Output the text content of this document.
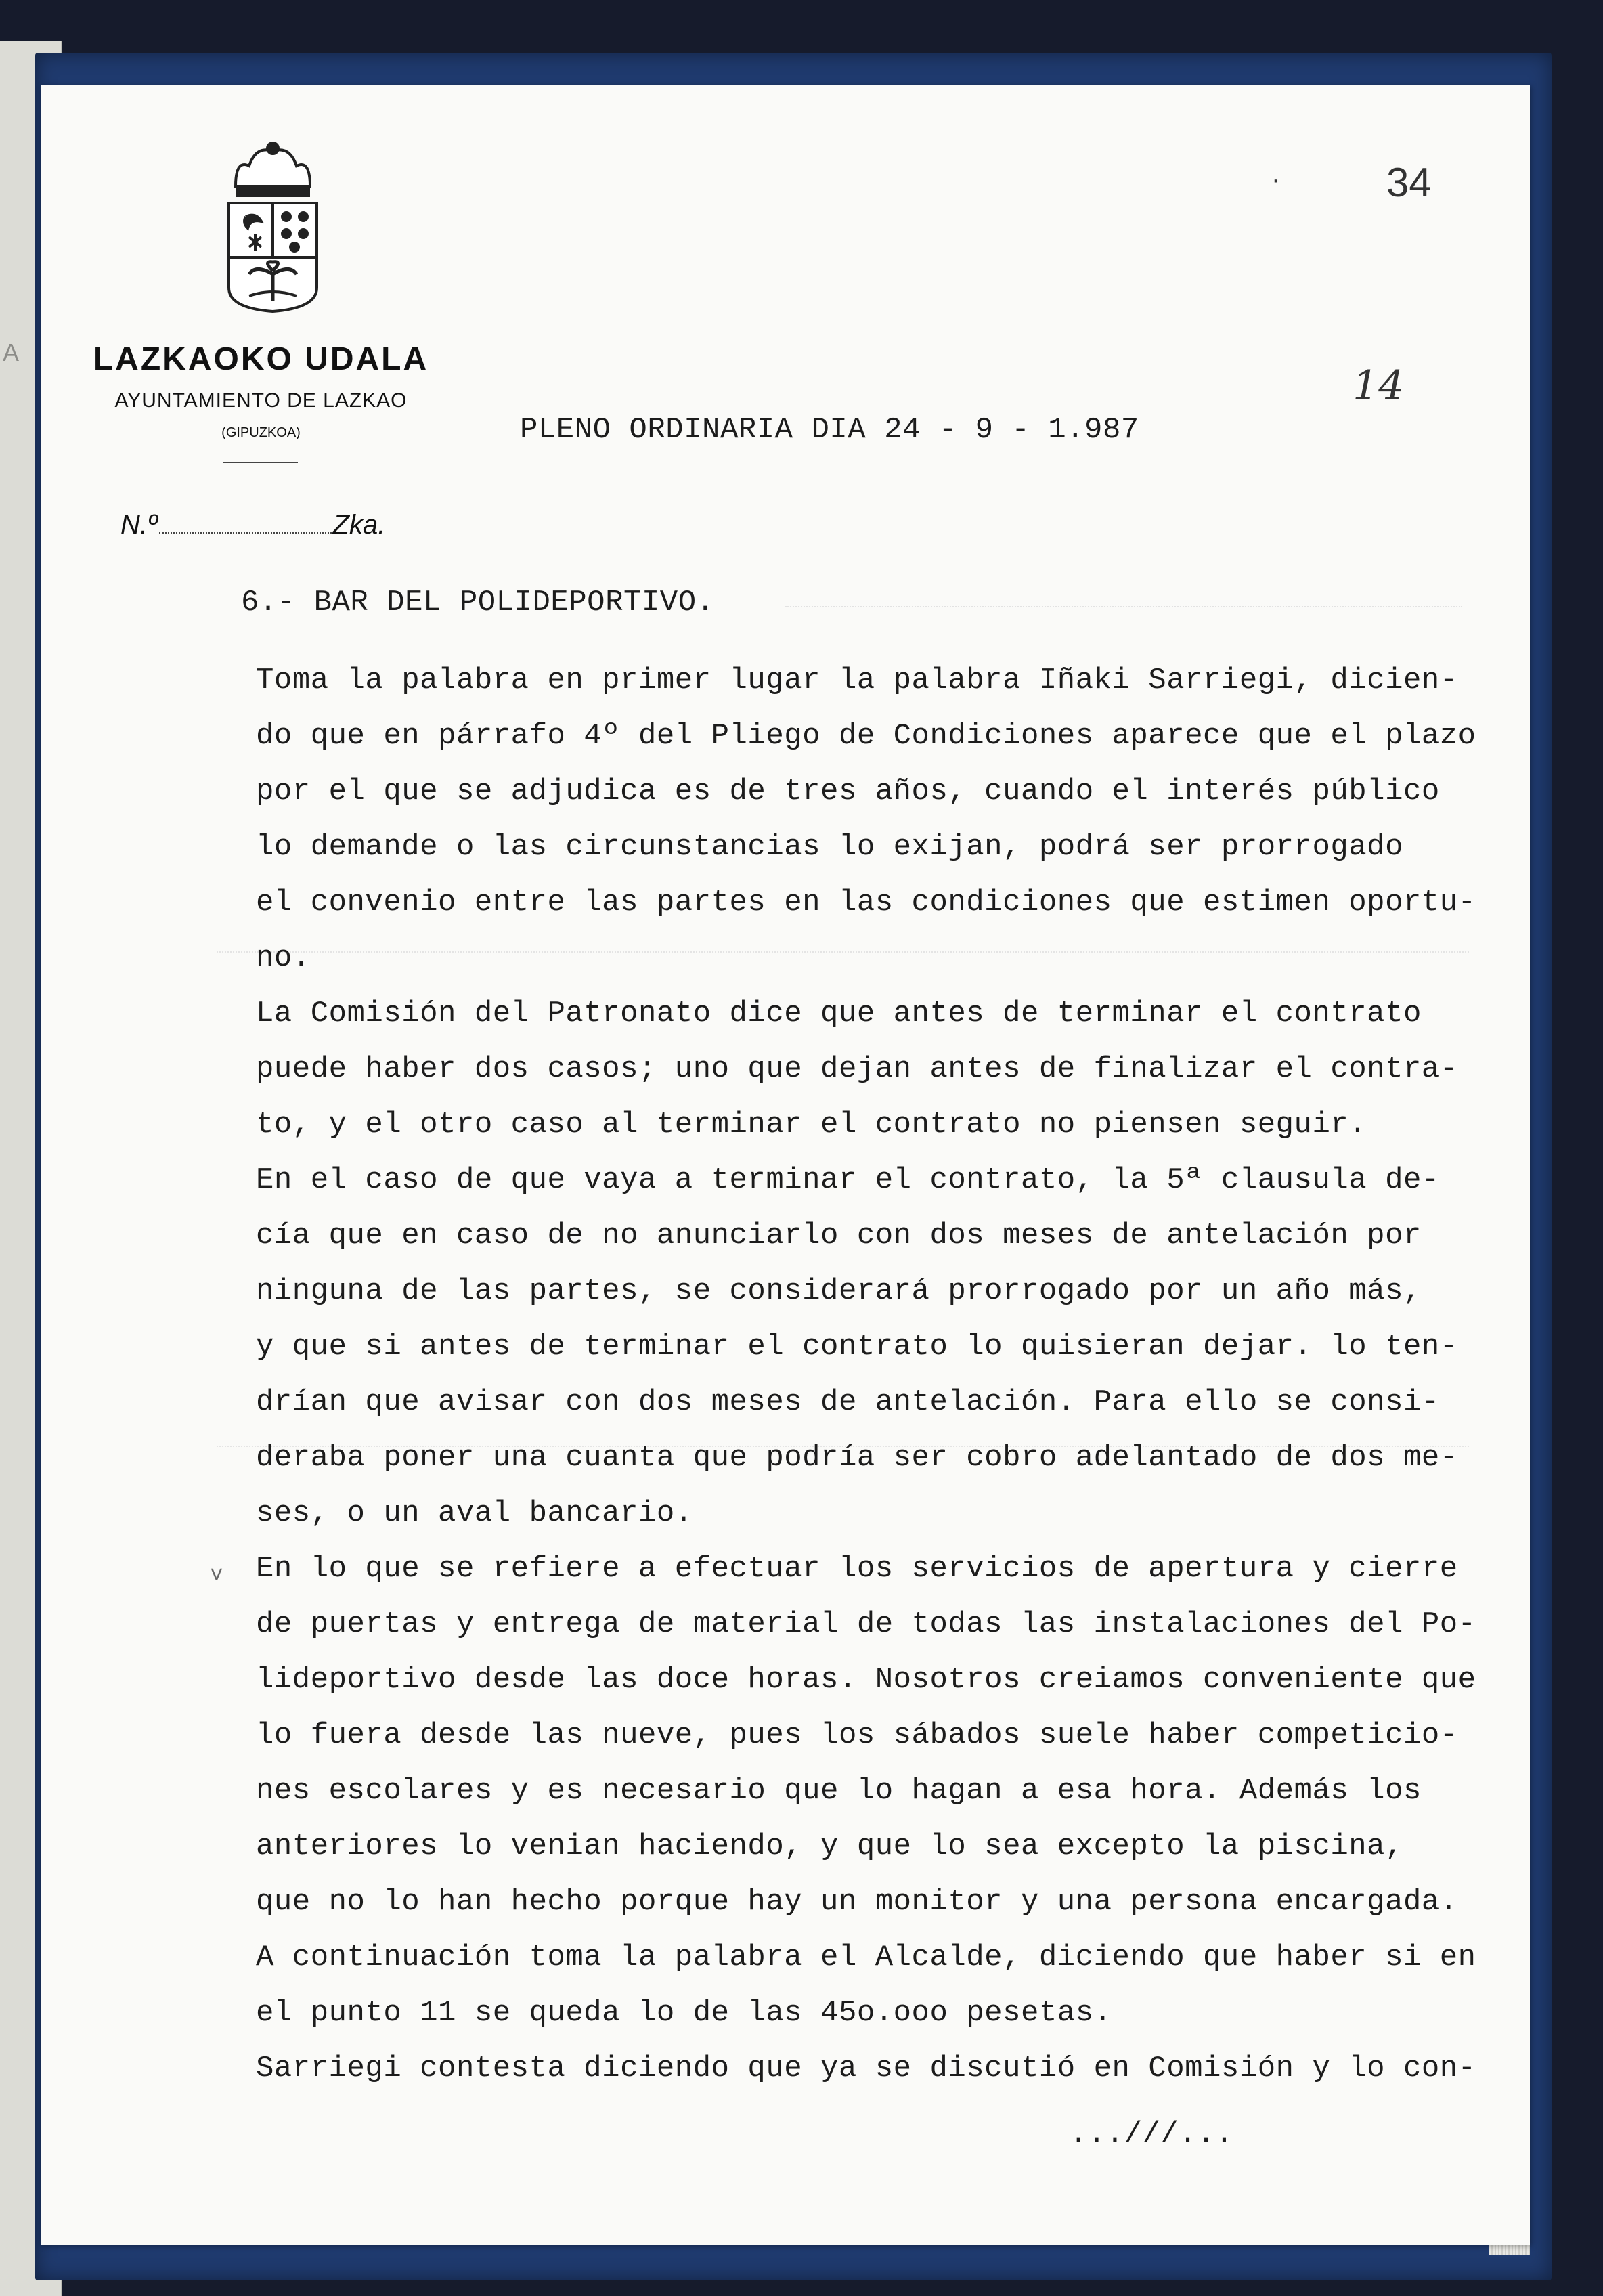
A LAZKAOKO UDALA
AYUNTAMIENTO DE LAZKAO
(GIPUZKOA)
N.º	Zka.
·	34
14
˅
PLENO ORDINARIA DIA 24 - 9 - 1.987
6.- BAR DEL POLIDEPORTIVO.
Toma la palabra en primer lugar la palabra Iñaki Sarriegi, dicien-
do que en párrafo 4º del Pliego de Condiciones aparece que el plazo
por el que se adjudica es de tres años, cuando el interés público
lo demande o las circunstancias lo exijan, podrá ser prorrogado
el convenio entre las partes en las condiciones que estimen oportu-
no.
La Comisión del Patronato dice que antes de terminar el contrato
puede haber dos casos; uno que dejan antes de finalizar el contra-
to, y el otro caso al terminar el contrato no piensen seguir.
En el caso de que vaya a terminar el contrato, la 5ª clausula de-
cía que en caso de no anunciarlo con dos meses de antelación por
ninguna de las partes, se considerará prorrogado por un año más,
y que si antes de terminar el contrato lo quisieran dejar. lo ten-
drían que avisar con dos meses de antelación. Para ello se consi-
deraba poner una cuanta que podría ser cobro adelantado de dos me-
ses, o un aval bancario.
En lo que se refiere a efectuar los servicios de apertura y cierre
de puertas y entrega de material de todas las instalaciones del Po-
lideportivo desde las doce horas. Nosotros creiamos conveniente que
lo fuera desde las nueve, pues los sábados suele haber competicio-
nes escolares y es necesario que lo hagan a esa hora. Además los
anteriores lo venian haciendo, y que lo sea excepto la piscina,
que no lo han hecho porque hay un monitor y una persona encargada.
A continuación toma la palabra el Alcalde, diciendo que haber si en
el punto 11 se queda lo de las 45o.ooo pesetas.
Sarriegi contesta diciendo que ya se discutió en Comisión y lo con-
...///...
